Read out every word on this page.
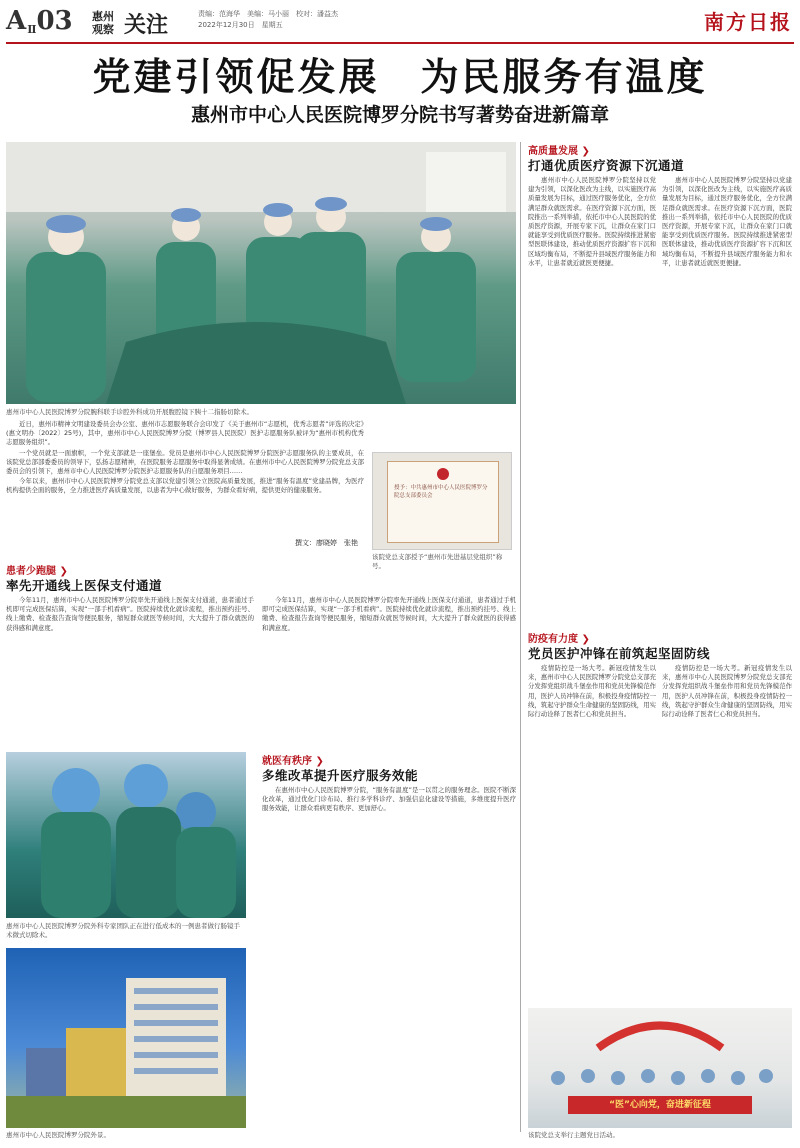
AⅡ03 惠州
观察 关注	责编：范海华　美编：马小丽　校对：潘益杰
2022年12月30日　星期五	南方日报
党建引领促发展　为民服务有温度
惠州市中心人民医院博罗分院书写著势奋进新篇章
惠州市中心人民医院博罗分院腕科联手诊腔外科成功开展腹腔镜下胰十二指肠切除术。

近日，惠州市精神文明建设委员会办公室、惠州市志愿服务联合会印发了《关于惠州市“志愿机，优秀志愿者”评选的决定》(惠文明办〔2022〕25号)，其中，惠州市中心人民医院博罗分院（博罗县人民医院）医护志愿服务队被评为“惠州市机构优秀志愿服务组织”。

一个党员就是一面旗帜，一个党支部就是一座堡垒。党员是惠州市中心人民医院博罗分院医护志愿服务队的主要成员，在该院党总部部委委员的领导下，弘扬志愿精神，在医院服务志愿服务中取得显著成绩。在惠州市中心人民医院博罗分院党总支部委员会的引领下，惠州市中心人民医院博罗分院医护志愿服务队的自愿服务项目……

今年以来，惠州市中心人民医院博罗分院党总支部以党建引领公立医院高质量发展，推进“服务有温度”党建品牌，为医疗机构提供全面的服务，全力推进医疗高质量发展，以患者为中心做好服务，为群众看好病，提供更好的健康服务。

撰文：廖晓婷　张艳
授予：中共惠州市中心人民医院博罗分院总支部委员会
该院党总支部授予“惠州市先进基层党组织”称号。
患者少跑腿 ❯
率先开通线上医保支付通道
今年11月，惠州市中心人民医院博罗分院率先开通线上医保支付通道，患者通过手机即可完成医保结算，实现“一部手机看病”。医院持续优化就诊流程，推出预约挂号、线上缴费、检查报告查询等便民服务，缩短群众就医等候时间，大大提升了群众就医的获得感和满意度。
惠州市中心人民医院博罗分院外科专家团队正在进行低成本的一例患者做行肠镜手术微式切除术。
惠州市中心人民医院博罗分院外景。
就医有秩序 ❯
多维改革提升医疗服务效能
在惠州市中心人民医院博罗分院，“服务有温度”是一以贯之的服务理念。医院不断深化改革，通过优化门诊布局、推行多学科诊疗、加强信息化建设等措施，多维度提升医疗服务效能，让群众看病更有秩序、更加舒心。
今年11月，惠州市中心人民医院博罗分院率先开通线上医保支付通道，患者通过手机即可完成医保结算，实现“一部手机看病”。医院持续优化就诊流程，推出预约挂号、线上缴费、检查报告查询等便民服务，缩短群众就医等候时间，大大提升了群众就医的获得感和满意度。
高质量发展 ❯
打通优质医疗资源下沉通道
惠州市中心人民医院博罗分院坚持以党建为引领，以深化医改为主线，以实施医疗高质量发展为目标，通过医疗服务优化，全方位满足群众就医需求。在医疗资源下沉方面，医院推出一系列举措，依托市中心人民医院的优质医疗资源，开展专家下沉，让群众在家门口就能享受到优质医疗服务。医院持续推进紧密型医联体建设，推动优质医疗资源扩容下沉和区域均衡布局，不断提升县域医疗服务能力和水平，让患者就近就医更便捷。
惠州市中心人民医院博罗分院坚持以党建为引领，以深化医改为主线，以实施医疗高质量发展为目标，通过医疗服务优化，全方位满足群众就医需求。在医疗资源下沉方面，医院推出一系列举措，依托市中心人民医院的优质医疗资源，开展专家下沉，让群众在家门口就能享受到优质医疗服务。医院持续推进紧密型医联体建设，推动优质医疗资源扩容下沉和区域均衡布局，不断提升县域医疗服务能力和水平，让患者就近就医更便捷。
防疫有力度 ❯
党员医护冲锋在前筑起坚固防线
疫情防控是一场大考。新冠疫情发生以来，惠州市中心人民医院博罗分院党总支部充分发挥党组织战斗堡垒作用和党员先锋模范作用，医护人员冲锋在前，积极投身疫情防控一线，筑起守护群众生命健康的坚固防线，用实际行动诠释了医者仁心和党员担当。
疫情防控是一场大考。新冠疫情发生以来，惠州市中心人民医院博罗分院党总支部充分发挥党组织战斗堡垒作用和党员先锋模范作用，医护人员冲锋在前，积极投身疫情防控一线，筑起守护群众生命健康的坚固防线，用实际行动诠释了医者仁心和党员担当。
“医”心向党，奋进新征程
该院党总支举行主题党日活动。
